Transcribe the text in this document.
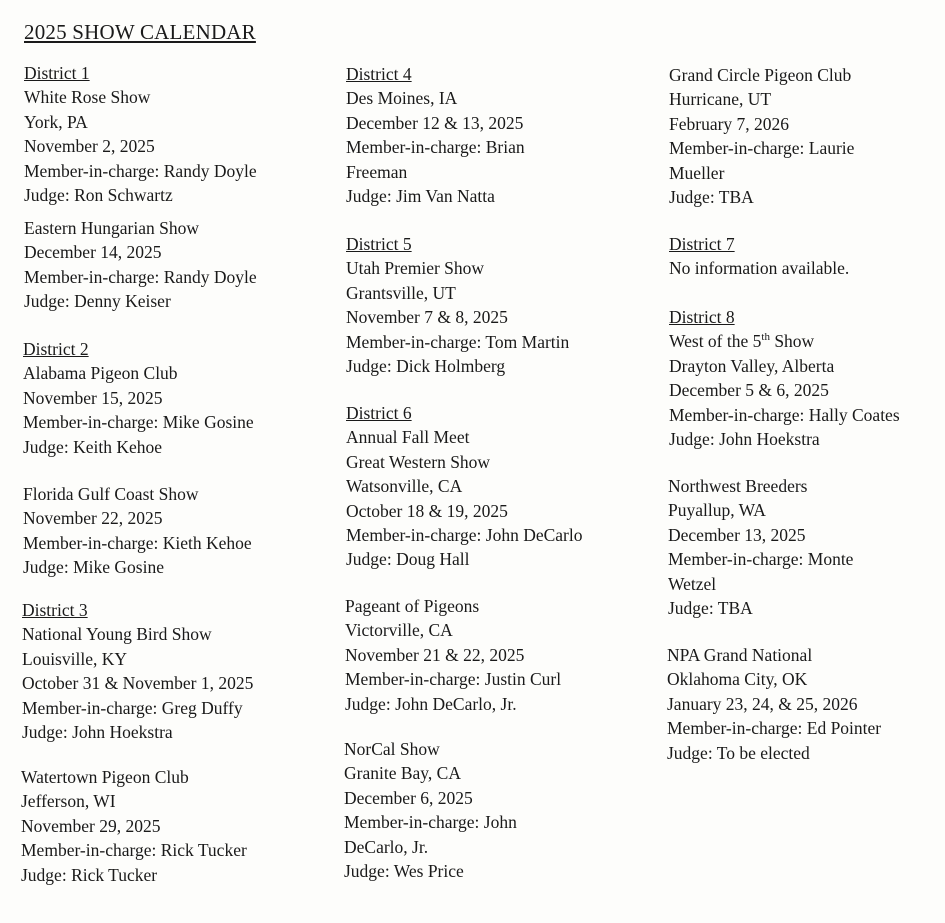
2025 SHOW CALENDAR
District 1
White Rose Show
York, PA
November 2, 2025
Member-in-charge: Randy Doyle
Judge: Ron Schwartz
Eastern Hungarian Show
December 14, 2025
Member-in-charge: Randy Doyle
Judge: Denny Keiser
District 2
Alabama Pigeon Club
November 15, 2025
Member-in-charge: Mike Gosine
Judge: Keith Kehoe
Florida Gulf Coast Show
November 22, 2025
Member-in-charge: Kieth Kehoe
Judge: Mike Gosine
District 3
National Young Bird Show
Louisville, KY
October 31 & November 1, 2025
Member-in-charge: Greg Duffy
Judge: John Hoekstra
Watertown Pigeon Club
Jefferson, WI
November 29, 2025
Member-in-charge: Rick Tucker
Judge: Rick Tucker
District 4
Des Moines, IA
December 12 & 13, 2025
Member-in-charge: Brian
Freeman
Judge: Jim Van Natta
District 5
Utah Premier Show
Grantsville, UT
November 7 & 8, 2025
Member-in-charge: Tom Martin
Judge: Dick Holmberg
District 6
Annual Fall Meet
Great Western Show
Watsonville, CA
October 18 & 19, 2025
Member-in-charge: John DeCarlo
Judge: Doug Hall
Pageant of Pigeons
Victorville, CA
November 21 & 22, 2025
Member-in-charge: Justin Curl
Judge: John DeCarlo, Jr.
NorCal Show
Granite Bay, CA
December 6, 2025
Member-in-charge: John
DeCarlo, Jr.
Judge: Wes Price
Grand Circle Pigeon Club
Hurricane, UT
February 7, 2026
Member-in-charge: Laurie
Mueller
Judge: TBA
District 7
No information available.
District 8
West of the 5th Show
Drayton Valley, Alberta
December 5 & 6, 2025
Member-in-charge: Hally Coates
Judge: John Hoekstra
Northwest Breeders
Puyallup, WA
December 13, 2025
Member-in-charge: Monte
Wetzel
Judge: TBA
NPA Grand National
Oklahoma City, OK
January 23, 24, & 25, 2026
Member-in-charge: Ed Pointer
Judge: To be elected
